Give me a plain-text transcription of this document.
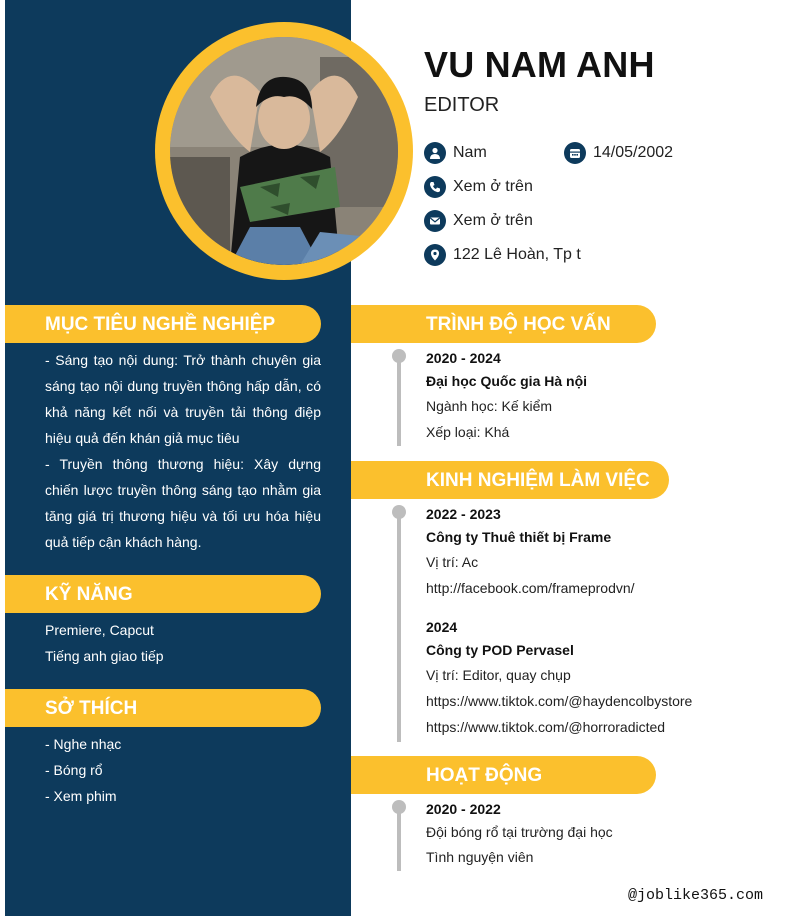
VU NAM ANH
EDITOR
Nam	14/05/2002
Xem ở trên
Xem ở trên
122 Lê Hoàn, Tp t
MỤC TIÊU NGHỀ NGHIỆP

- Sáng tạo nội dung: Trở thành chuyên gia sáng tạo nội dung truyền thông hấp dẫn, có khả năng kết nối và truyền tải thông điệp hiệu quả đến khán giả mục tiêu

- Truyền thông thương hiệu: Xây dựng chiến lược truyền thông sáng tạo nhằm gia tăng giá trị thương hiệu và tối ưu hóa hiệu quả tiếp cận khách hàng.

KỸ NĂNG

Premiere, Capcut

Tiếng anh giao tiếp

SỞ THÍCH

- Nghe nhạc

- Bóng rổ

- Xem phim

TRÌNH ĐỘ HỌC VẤN
2020 - 2024
Đại học Quốc gia Hà nội
Ngành học: Kế kiểm
Xếp loại: Khá
KINH NGHIỆM LÀM VIỆC
2022 - 2023
Công ty Thuê thiết bị Frame
Vị trí: Ac
http://facebook.com/frameprodvn/
2024
Công ty POD Pervasel
Vị trí: Editor, quay chụp
https://www.tiktok.com/@haydencolbystore
https://www.tiktok.com/@horroradicted
HOẠT ĐỘNG
2020 - 2022
Đội bóng rổ tại trường đại học
Tình nguyện viên
@joblike365.com
